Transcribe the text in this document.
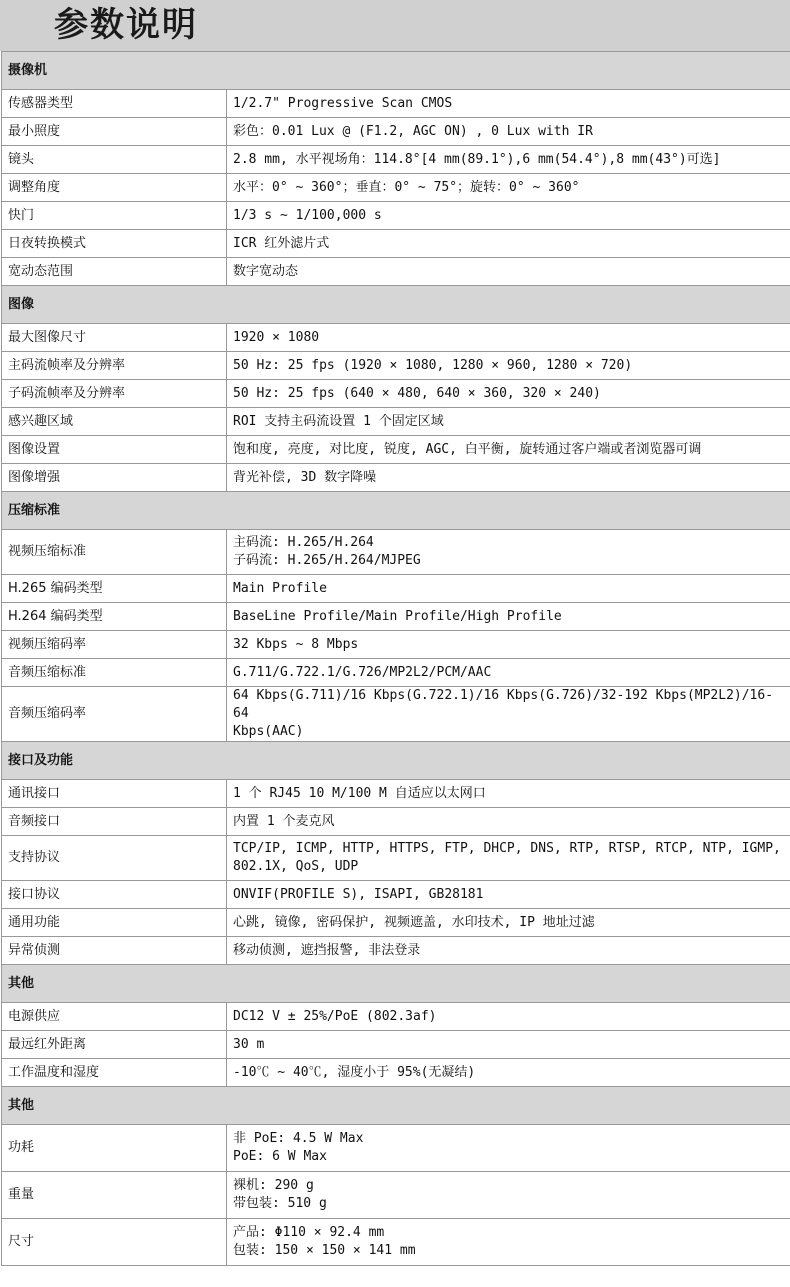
参数说明
摄像机	
传感器类型	1/2.7" Progressive Scan CMOS
最小照度	彩色：0.01 Lux @ (F1.2, AGC ON) , 0 Lux with IR
镜头	2.8 mm, 水平视场角：114.8°[4 mm(89.1°),6 mm(54.4°),8 mm(43°)可选]
调整角度	水平：0° ~ 360°；垂直：0° ~ 75°；旋转：0° ~ 360°
快门	1/3 s ~ 1/100,000 s
日夜转换模式	ICR 红外滤片式
宽动态范围	数字宽动态
图像	
最大图像尺寸	1920 × 1080
主码流帧率及分辨率	50 Hz: 25 fps (1920 × 1080, 1280 × 960, 1280 × 720)
子码流帧率及分辨率	50 Hz: 25 fps (640 × 480, 640 × 360, 320 × 240)
感兴趣区域	ROI 支持主码流设置 1 个固定区域
图像设置	饱和度, 亮度, 对比度, 锐度, AGC, 白平衡, 旋转通过客户端或者浏览器可调
图像增强	背光补偿, 3D 数字降噪
压缩标准	
视频压缩标准	主码流: H.265/H.264
子码流: H.265/H.264/MJPEG

H.265 编码类型	Main Profile
H.264 编码类型	BaseLine Profile/Main Profile/High Profile
视频压缩码率	32 Kbps ~ 8 Mbps
音频压缩标准	G.711/G.722.1/G.726/MP2L2/PCM/AAC
音频压缩码率	64 Kbps(G.711)/16 Kbps(G.722.1)/16 Kbps(G.726)/32-192 Kbps(MP2L2)/16-64
Kbps(AAC)

接口及功能	
通讯接口	1 个 RJ45 10 M/100 M 自适应以太网口
音频接口	内置 1 个麦克风
支持协议	TCP/IP, ICMP, HTTP, HTTPS, FTP, DHCP, DNS, RTP, RTSP, RTCP, NTP, IGMP,
802.1X, QoS, UDP

接口协议	ONVIF(PROFILE S), ISAPI, GB28181
通用功能	心跳, 镜像, 密码保护, 视频遮盖, 水印技术, IP 地址过滤
异常侦测	移动侦测, 遮挡报警, 非法登录
其他	
电源供应	DC12 V ± 25%/PoE (802.3af)
最远红外距离	30 m
工作温度和湿度	-10℃ ~ 40℃, 湿度小于 95%(无凝结)
其他	
功耗	非 PoE: 4.5 W Max
PoE: 6 W Max

重量	裸机: 290 g
带包装: 510 g

尺寸	产品: Φ110 × 92.4 mm
包装: 150 × 150 × 141 mm
